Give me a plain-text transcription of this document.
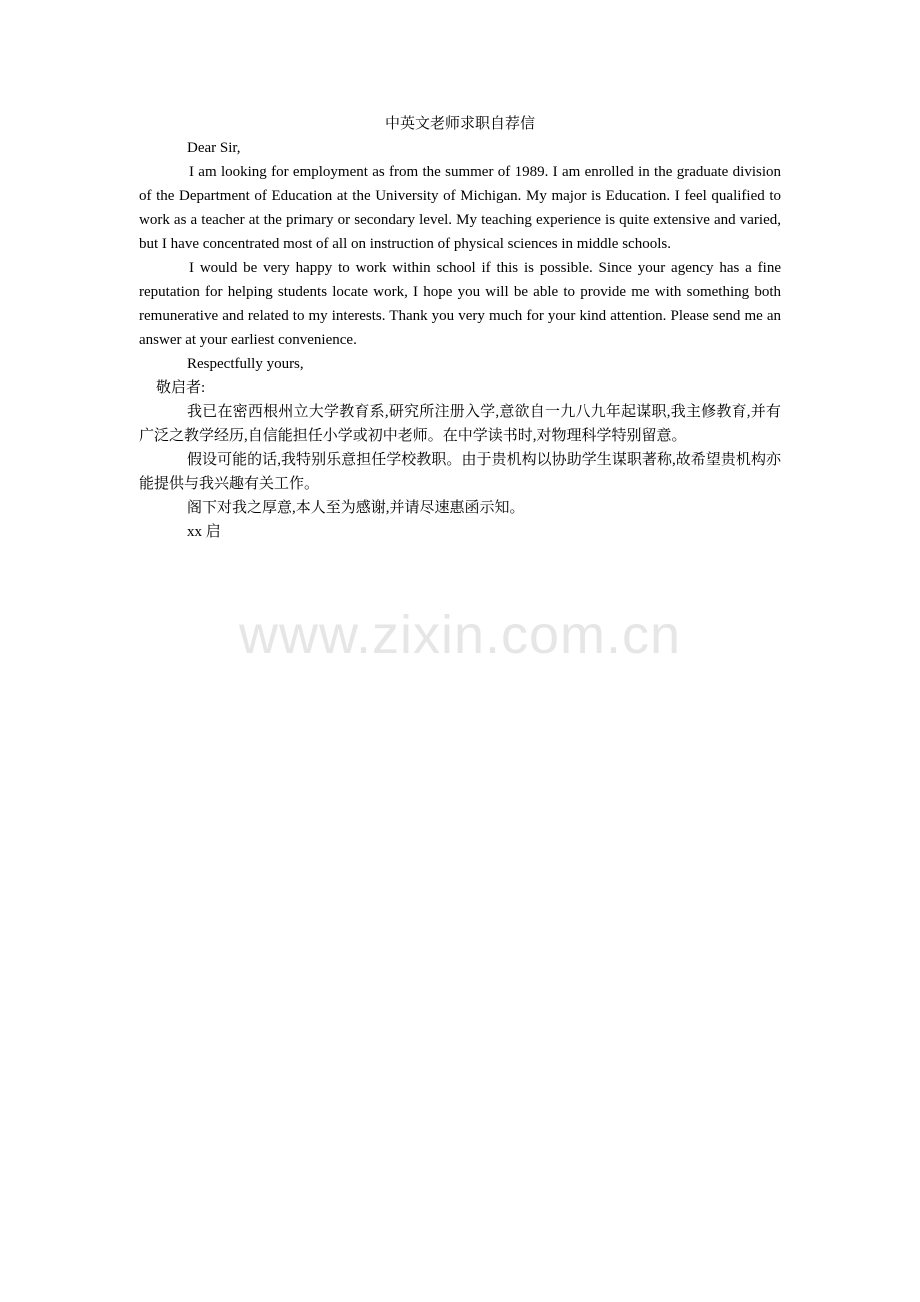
中英文老师求职自荐信

Dear Sir,

I am looking for employment as from the summer of 1989. I am enrolled in the graduate division of the Department of Education at the University of Michigan. My major is Education. I feel qualified to work as a teacher at the primary or secondary level. My teaching experience is quite extensive and varied, but I have concentrated most of all on instruction of physical sciences in middle schools.

I would be very happy to work within school if this is possible. Since your agency has a fine reputation for helping students locate work, I hope you will be able to provide me with something both remunerative and related to my interests. Thank you very much for your kind attention. Please send me an answer at your earliest convenience.

Respectfully yours,

敬启者:

我已在密西根州立大学教育系,研究所注册入学,意欲自一九八九年起谋职,我主修教育,并有广泛之教学经历,自信能担任小学或初中老师。在中学读书时,对物理科学特别留意。

假设可能的话,我特别乐意担任学校教职。由于贵机构以协助学生谋职著称,故希望贵机构亦能提供与我兴趣有关工作。

阁下对我之厚意,本人至为感谢,并请尽速惠函示知。

xx 启

www.zixin.com.cn
